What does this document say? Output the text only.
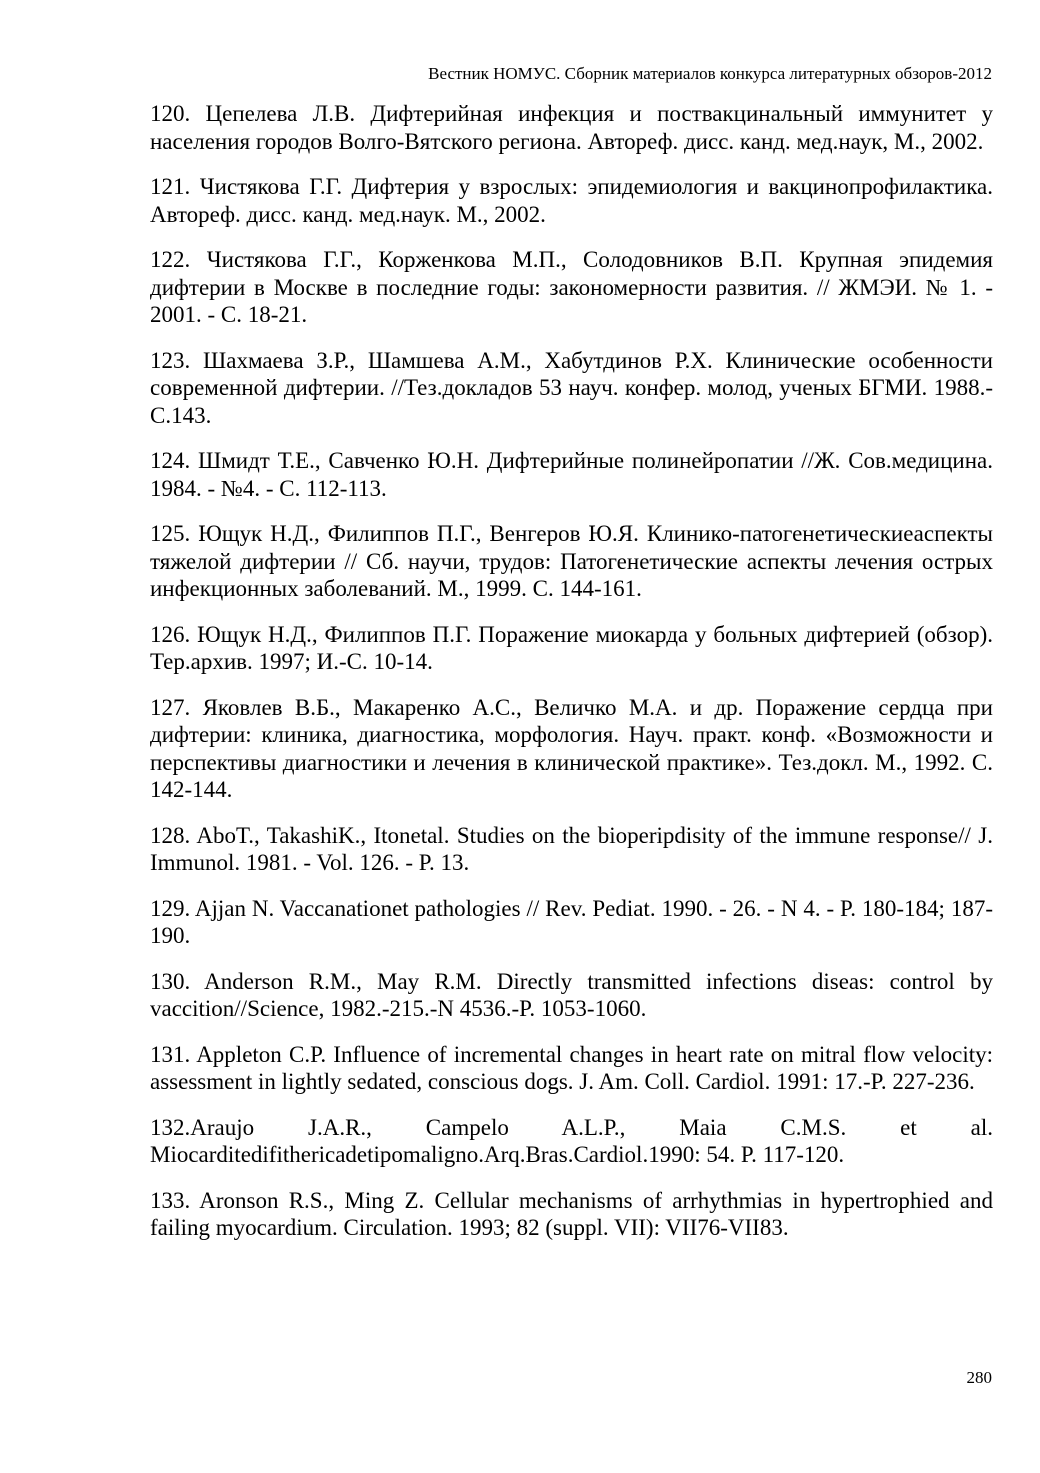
Вестник НОМУС. Сборник материалов конкурса литературных обзоров-2012

120. Цепелева Л.В. Дифтерийная инфекция и поствакцинальный иммунитет у населения городов Волго-Вятского региона. Автореф. дисс. канд. мед.наук, М., 2002.

121. Чистякова Г.Г. Дифтерия у взрослых: эпидемиология и вакцинопрофилактика. Автореф. дисс. канд. мед.наук. М., 2002.

122. Чистякова Г.Г., Корженкова М.П., Солодовников В.П. Крупная эпидемия дифтерии в Москве в последние годы: закономерности развития. // ЖМЭИ. № 1. - 2001. - С. 18-21.

123. Шахмаева З.Р., Шамшева А.М., Хабутдинов Р.Х. Клинические особенности современной дифтерии. //Тез.докладов 53 науч. конфер. молод, ученых БГМИ. 1988.-С.143.

124. Шмидт Т.Е., Савченко Ю.Н. Дифтерийные полинейропатии //Ж. Сов.медицина. 1984. - №4. - С. 112-113.

125. Ющук Н.Д., Филиппов П.Г., Венгеров Ю.Я. Клинико-патогенетическиеаспекты тяжелой дифтерии // Сб. научи, трудов: Патогенетические аспекты лечения острых инфекционных заболеваний. М., 1999. С. 144-161.

126. Ющук Н.Д., Филиппов П.Г. Поражение миокарда у больных дифтерией (обзор). Тер.архив. 1997; И.-С. 10-14.

127. Яковлев В.Б., Макаренко А.С., Величко М.А. и др. Поражение сердца при дифтерии: клиника, диагностика, морфология. Науч. практ. конф. «Возможности и перспективы диагностики и лечения в клинической практике». Тез.докл. М., 1992. С. 142-144.

128. AboT., TakashiK., Itonetal. Studies on the bioperipdisity of the immune response// J. Immunol. 1981. - Vol. 126. - P. 13.

129. Ajjan N. Vaccanationet pathologies // Rev. Pediat. 1990. - 26. - N 4. - P. 180-184; 187-190.

130. Anderson R.M., May R.M. Directly transmitted infections diseas: control by vaccition//Science, 1982.-215.-N 4536.-P. 1053-1060.

131. Appleton C.P. Influence of incremental changes in heart rate on mitral flow velocity: assessment in lightly sedated, conscious dogs. J. Am. Coll. Cardiol. 1991: 17.-P. 227-236.

132.Araujo J.A.R., Campelo A.L.P., Maia C.M.S. et al. Miocarditedifithericadetipomaligno.Arq.Bras.Cardiol.1990: 54. P. 117-120.

133. Aronson R.S., Ming Z. Cellular mechanisms of arrhythmias in hypertrophied and failing myocardium. Circulation. 1993; 82 (suppl. VII): VII76-VII83.

280
